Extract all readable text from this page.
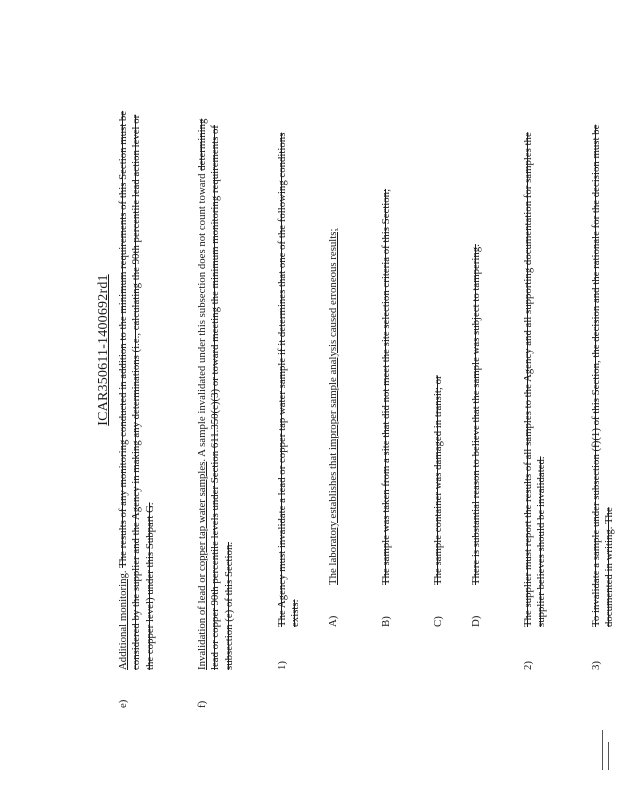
ICAR350611-1400692rd1
e)
Additional monitoring. The results of any monitoring conducted in addition to the minimum requirements of this Section must be considered by the supplier and the Agency in making any determinations (i.e., calculating the 90th percentile lead action level or the copper level) under this Subpart G.
f)
Invalidation of lead or copper tap water samples. A sample invalidated under this subsection does not count toward determining lead or copper 90th percentile levels under Section 611.350(c)(3) or toward meeting the minimum monitoring requirements of subsection (e) of this Section.	1)
The Agency must invalidate a lead or copper tap water sample if it determines that one of the following conditions exists: A)
The laboratory establishes that improper sample analysis caused erroneous results;
B)
The sample was taken from a site that did not meet the site selection criteria of this Section;
C)
The sample container was damaged in transit; or
D)
There is substantial reason to believe that the sample was subject to tampering.
2)
The supplier must report the results of all samples to the Agency and all supporting documentation for samples the supplier believes should be invalidated.
3)
To invalidate a sample under subsection (f)(1) of this Section, the decision and the rationale for the decision must be documented in writing. The
